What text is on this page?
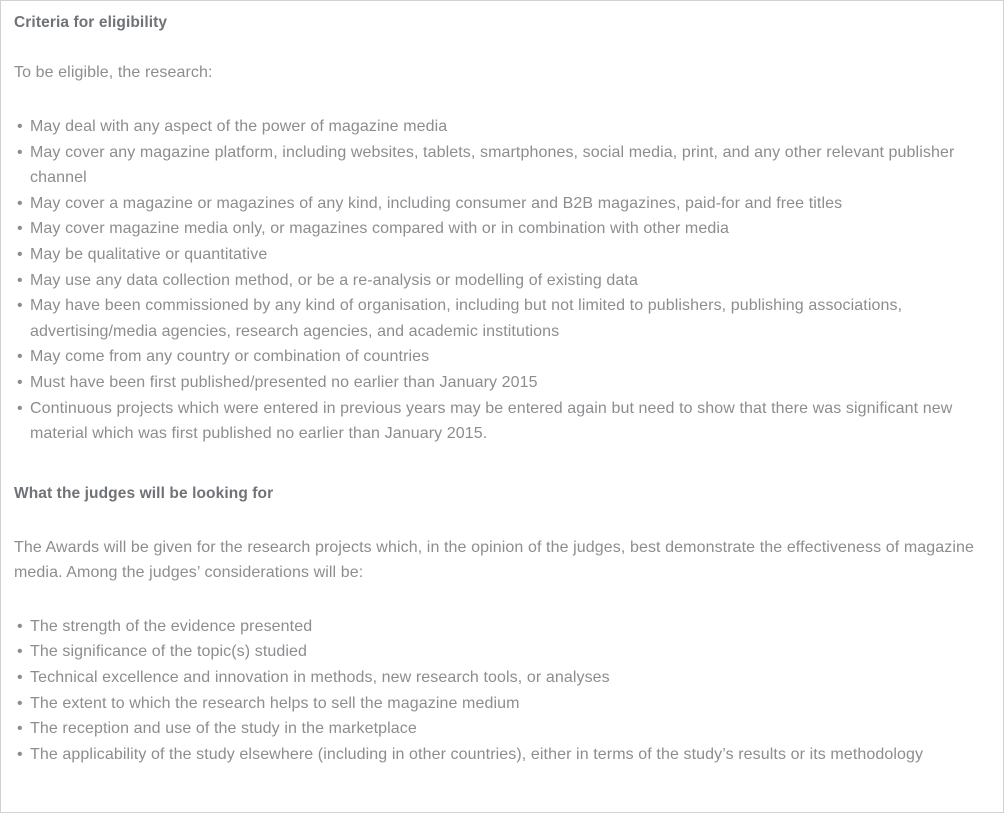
Criteria for eligibility

To be eligible, the research:

• May deal with any aspect of the power of magazine media
• May cover any magazine platform, including websites, tablets, smartphones, social media, print, and any other relevant publisher channel
• May cover a magazine or magazines of any kind, including consumer and B2B magazines, paid-for and free titles
• May cover magazine media only, or magazines compared with or in combination with other media
• May be qualitative or quantitative
• May use any data collection method, or be a re-analysis or modelling of existing data
• May have been commissioned by any kind of organisation, including but not limited to publishers, publishing associations, advertising/media agencies, research agencies, and academic institutions
• May come from any country or combination of countries
• Must have been first published/presented no earlier than January 2015
• Continuous projects which were entered in previous years may be entered again but need to show that there was significant new material which was first published no earlier than January 2015.
What the judges will be looking for

The Awards will be given for the research projects which, in the opinion of the judges, best demonstrate the effectiveness of magazine media. Among the judges’ considerations will be:

• The strength of the evidence presented
• The significance of the topic(s) studied
• Technical excellence and innovation in methods, new research tools, or analyses
• The extent to which the research helps to sell the magazine medium
• The reception and use of the study in the marketplace
• The applicability of the study elsewhere (including in other countries), either in terms of the study’s results or its methodology
